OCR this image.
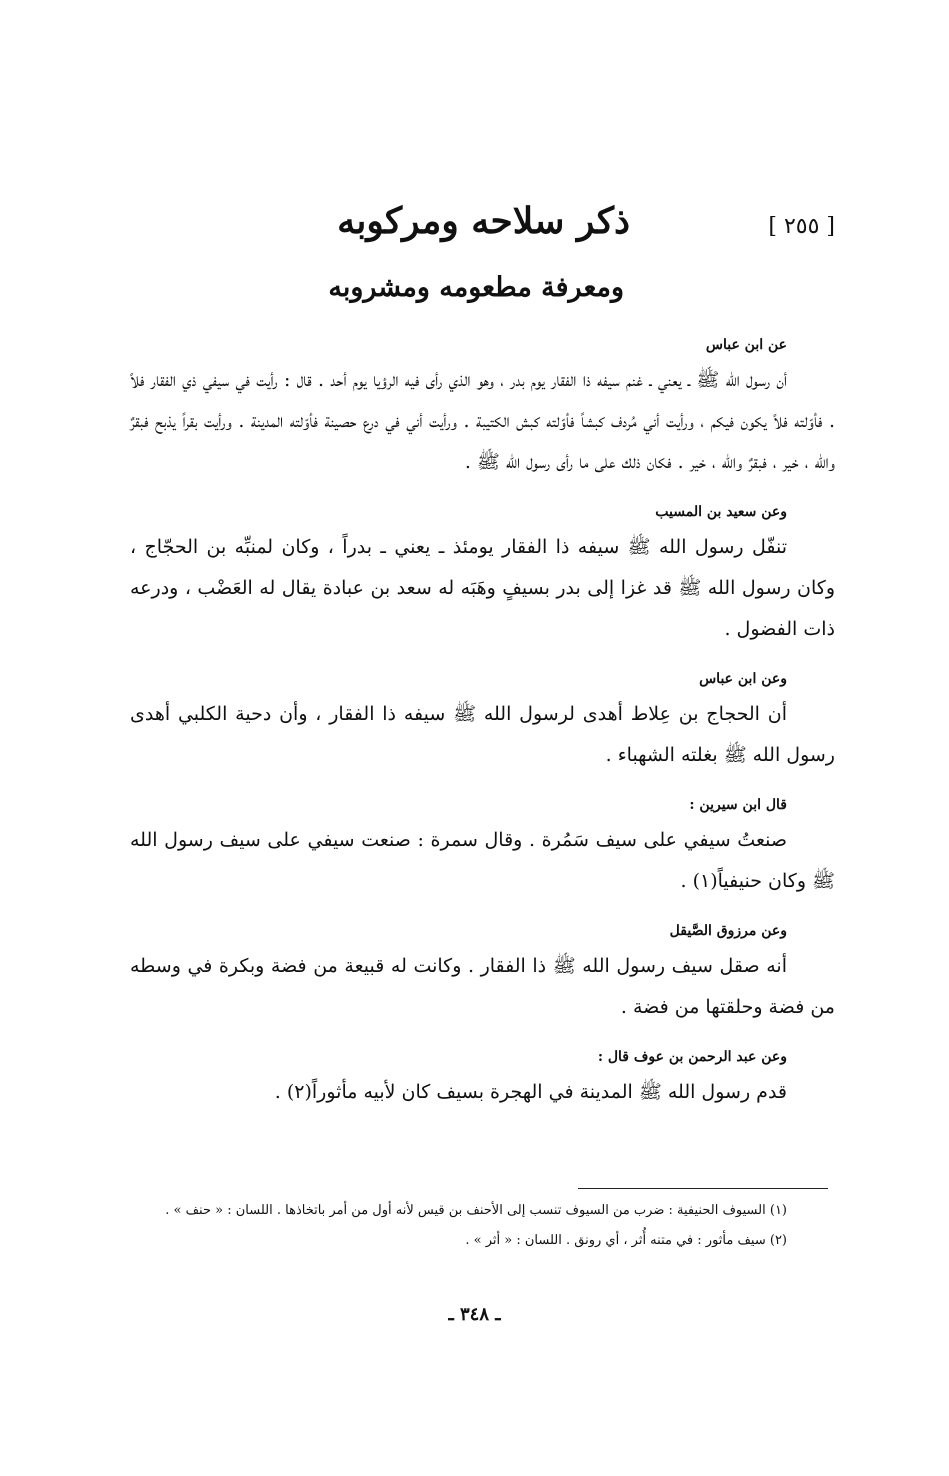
[ ٢٥٥ ]
ذكر سلاحه ومركوبه
ومعرفة مطعومه ومشروبه
عن ابن عباس

أن رسول الله ﷺ ـ يعني ـ غنم سيفه ذا الفقار يوم بدر ، وهو الذي رأى فيه الرؤيا يوم أحد . قال : رأيت في سيفي ذي الفقار فلاً . فأوّلته فلاً يكون فيكم ، ورأيت أني مُردف كبشاً فأوّلته كبش الكتيبة . ورأيت أني في درع حصينة فأوّلته المدينة . ورأيت بقراً يذبح فبقرٌ والله ، خير ، فبقرٌ والله ، خير . فكان ذلك على ما رأى رسول الله ﷺ .

وعن سعيد بن المسيب

تنفّل رسول الله ﷺ سيفه ذا الفقار يومئذ ـ يعني ـ بدراً ، وكان لمنبِّه بن الحجّاج ، وكان رسول الله ﷺ قد غزا إلى بدر بسيفٍ وهَبَه له سعد بن عبادة يقال له العَضْب ، ودرعه ذات الفضول .

وعن ابن عباس

أن الحجاج بن عِلاط أهدى لرسول الله ﷺ سيفه ذا الفقار ، وأن دحية الكلبي أهدى رسول الله ﷺ بغلته الشهباء .

قال ابن سيرين :

صنعتُ سيفي على سيف سَمُرة . وقال سمرة : صنعت سيفي على سيف رسول الله ﷺ وكان حنيفياً(١) .

وعن مرزوق الصَّيقل

أنه صقل سيف رسول الله ﷺ ذا الفقار . وكانت له قبيعة من فضة وبكرة في وسطه من فضة وحلقتها من فضة .

وعن عبد الرحمن بن عوف قال :

قدم رسول الله ﷺ المدينة في الهجرة بسيف كان لأبيه مأثوراً(٢) .

(١) السيوف الحنيفية : ضرب من السيوف تنسب إلى الأحنف بن قيس لأنه أول من أمر باتخاذها . اللسان : « حنف » .

(٢) سيف مأثور : في متنه أُثر ، أي رونق . اللسان : « أثر » .

ـ ٣٤٨ ـ
